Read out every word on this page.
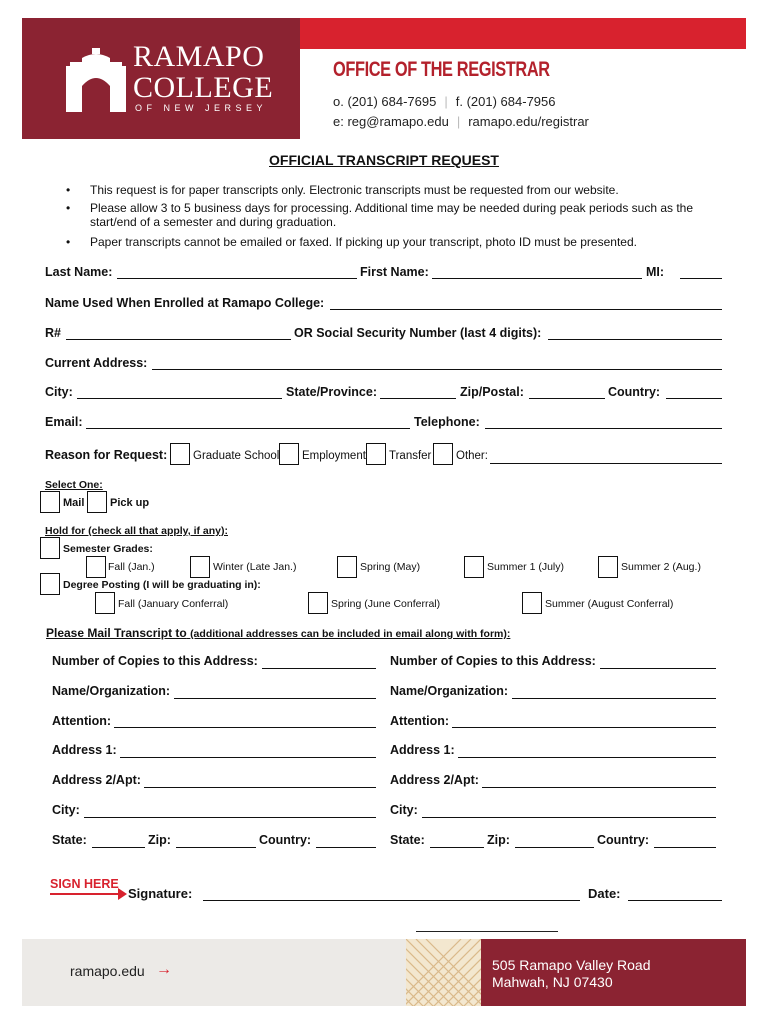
RAMAPO
COLLEGE
OF NEW JERSEY
OFFICE OF THE REGISTRAR
o. (201) 684-7695 | f. (201) 684-7956
e: reg@ramapo.edu | ramapo.edu/registrar
OFFICIAL TRANSCRIPT REQUEST
This request is for paper transcripts only. Electronic transcripts must be requested from our website.
Please allow 3 to 5 business days for processing. Additional time may be needed during peak periods such as the
start/end of a semester and during graduation.
Paper transcripts cannot be emailed or faxed. If picking up your transcript, photo ID must be presented.
Last Name:	First Name:	MI:
Name Used When Enrolled at Ramapo College:
R#	OR Social Security Number (last 4 digits):
Current Address:
City:	State/Province:	Zip/Postal:	Country:
Email:	Telephone:
Reason for Request: Graduate School Employment Transfer Other:
Select One:
Mail Pick up
Hold for (check all that apply, if any):
Semester Grades:
Fall (Jan.)	Winter (Late Jan.)	Spring (May)	Summer 1 (July)	Summer 2 (Aug.)
Degree Posting (I will be graduating in):
Fall (January Conferral)	Spring (June Conferral)	Summer (August Conferral)
Please Mail Transcript to (additional addresses can be included in email along with form):
Number of Copies to this Address:
Name/Organization:
Attention:
Address 1:
Address 2/Apt:
City:
State:	Zip:	Country:
Number of Copies to this Address:
Name/Organization:
Attention:
Address 1:
Address 2/Apt:
City:
State:	Zip:	Country:
SIGN HERE
Signature:	Date:
ramapo.edu →	505 Ramapo Valley Road
Mahwah, NJ 07430
